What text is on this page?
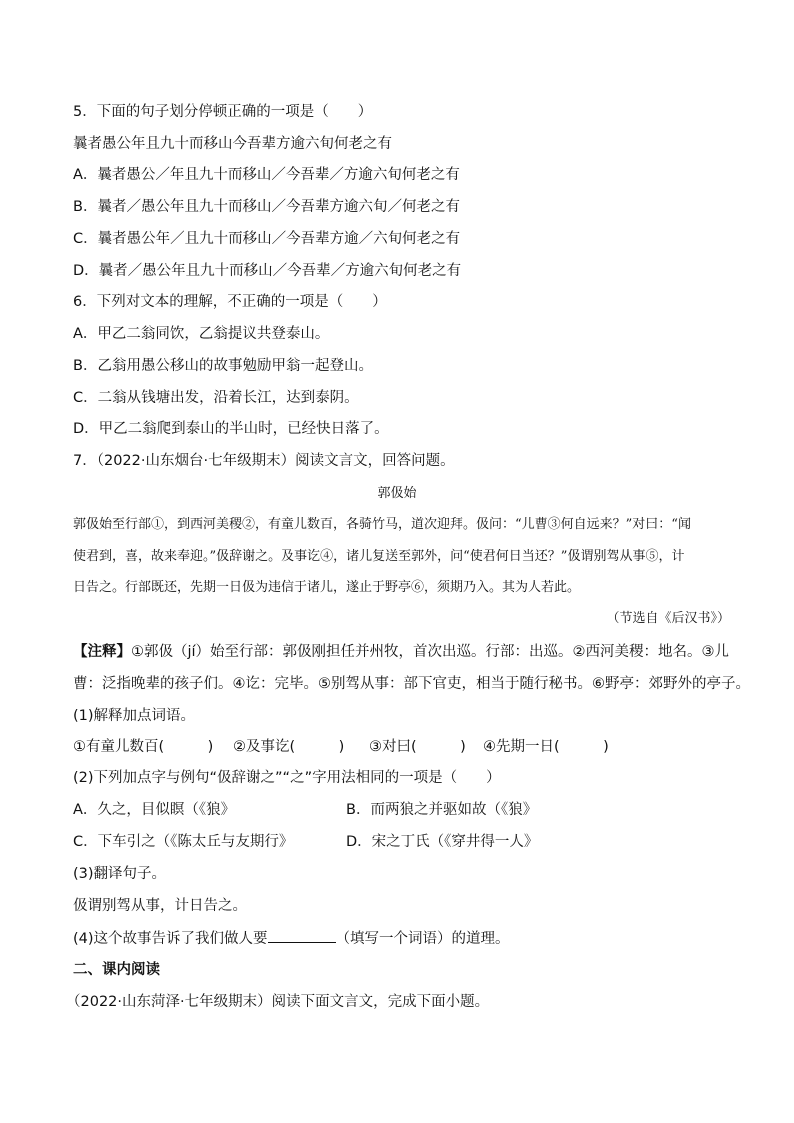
5．下面的句子划分停顿正确的一项是（　　）
曩者愚公年且九十而移山今吾辈方逾六旬何老之有
A．曩者愚公／年且九十而移山／今吾辈／方逾六旬何老之有
B．曩者／愚公年且九十而移山／今吾辈方逾六旬／何老之有
C．曩者愚公年／且九十而移山／今吾辈方逾／六旬何老之有
D．曩者／愚公年且九十而移山／今吾辈／方逾六旬何老之有
6．下列对文本的理解，不正确的一项是（　　）
A．甲乙二翁同饮，乙翁提议共登泰山。
B．乙翁用愚公移山的故事勉励甲翁一起登山。
C．二翁从钱塘出发，沿着长江，达到泰阴。
D．甲乙二翁爬到泰山的半山时，已经快日落了。
7．（2022·山东烟台·七年级期末）阅读文言文，回答问题。
郭伋始
郭伋始至行部①，到西河美稷②，有童儿数百，各骑竹马，道次迎拜。伋问：“儿曹③何自远来？”对曰：“闻
使君到，喜，故来奉迎。”伋辞谢之。及事讫④，诸儿复送至郭外，问“使君何日当还？”伋谓别驾从事⑤，计
日告之。行部既还，先期一日伋为违信于诸儿，遂止于野亭⑥，须期乃入。其为人若此。
（节选自《后汉书》）
【注释】①郭伋（jí）始至行部：郭伋刚担任并州牧，首次出巡。行部：出巡。②西河美稷：地名。③儿
曹：泛指晚辈的孩子们。④讫：完毕。⑤别驾从事：部下官吏，相当于随行秘书。⑥野亭：郊野外的亭子。
(1)解释加点词语。
①有童儿数百(　　　) ②及事讫(　　　) ③对曰(　　　) ④先期一日(　　　)
(2)下列加点字与例句“伋辞谢之”“之”字用法相同的一项是（　　）
A．久之，目似瞑（《狼》	B．而两狼之并驱如故（《狼》
C．下车引之（《陈太丘与友期行》	D．宋之丁氏（《穿井得一人》
(3)翻译句子。
伋谓别驾从事，计日告之。
(4)这个故事告诉了我们做人要	（填写一个词语）的道理。
二、课内阅读
（2022·山东菏泽·七年级期末）阅读下面文言文，完成下面小题。
